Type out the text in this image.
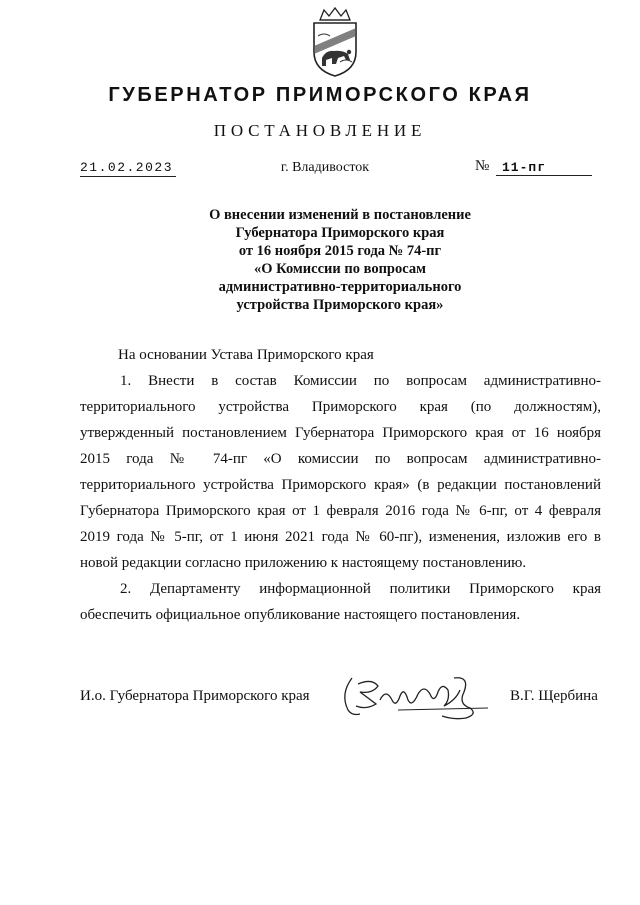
ГУБЕРНАТОР ПРИМОРСКОГО КРАЯ
ПОСТАНОВЛЕНИЕ
21.02.2023	г. Владивосток	№ 11-пг
О внесении изменений в постановление
Губернатора Приморского края
от 16 ноября 2015 года № 74-пг
«О Комиссии по вопросам
административно-территориального
устройства Приморского края»
На основании Устава Приморского края
1. Внести в состав Комиссии по вопросам административно-
территориального устройства Приморского края (по должностям),
утвержденный постановлением Губернатора Приморского края от 16 ноября
2015 года № 74-пг «О комиссии по вопросам административно-
территориального устройства Приморского края» (в редакции постановлений
Губернатора Приморского края от 1 февраля 2016 года № 6-пг, от 4 февраля
2019 года № 5-пг, от 1 июня 2021 года № 60-пг), изменения, изложив его в
новой редакции согласно приложению к настоящему постановлению.
2. Департаменту информационной политики Приморского края
обеспечить официальное опубликование настоящего постановления.
И.о. Губернатора Приморского края	В.Г. Щербина
